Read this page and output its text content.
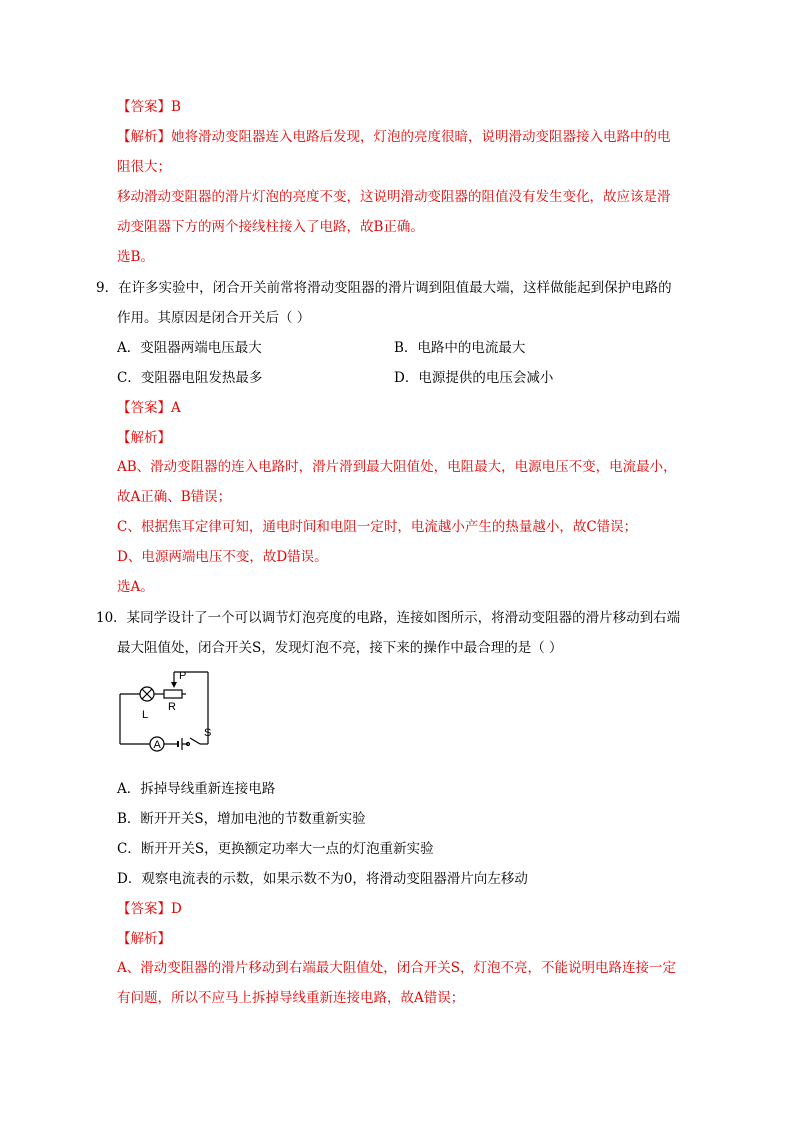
【答案】B
【解析】她将滑动变阻器连入电路后发现，灯泡的亮度很暗，说明滑动变阻器接入电路中的电
阻很大；
移动滑动变阻器的滑片灯泡的亮度不变，这说明滑动变阻器的阻值没有发生变化，故应该是滑
动变阻器下方的两个接线柱接入了电路，故B正确。
选B。
9．在许多实验中，闭合开关前常将滑动变阻器的滑片调到阻值最大端，这样做能起到保护电路的
作用。其原因是闭合开关后（ ）
A．变阻器两端电压最大	B．电路中的电流最大
C．变阻器电阻发热最多	D．电源提供的电压会减小
【答案】A
【解析】
AB、滑动变阻器的连入电路时，滑片滑到最大阻值处，电阻最大，电源电压不变，电流最小，
故A正确、B错误；
C、根据焦耳定律可知，通电时间和电阻一定时，电流越小产生的热量越小，故C错误；
D、电源两端电压不变，故D错误。
选A。
10．某同学设计了一个可以调节灯泡亮度的电路，连接如图所示，将滑动变阻器的滑片移动到右端
最大阻值处，闭合开关S，发现灯泡不亮，接下来的操作中最合理的是（ ）
P
R
L
A
S
A．拆掉导线重新连接电路
B．断开开关S，增加电池的节数重新实验
C．断开开关S，更换额定功率大一点的灯泡重新实验
D．观察电流表的示数，如果示数不为0，将滑动变阻器滑片向左移动
【答案】D
【解析】
A、滑动变阻器的滑片移动到右端最大阻值处，闭合开关S，灯泡不亮，不能说明电路连接一定
有问题，所以不应马上拆掉导线重新连接电路，故A错误；
